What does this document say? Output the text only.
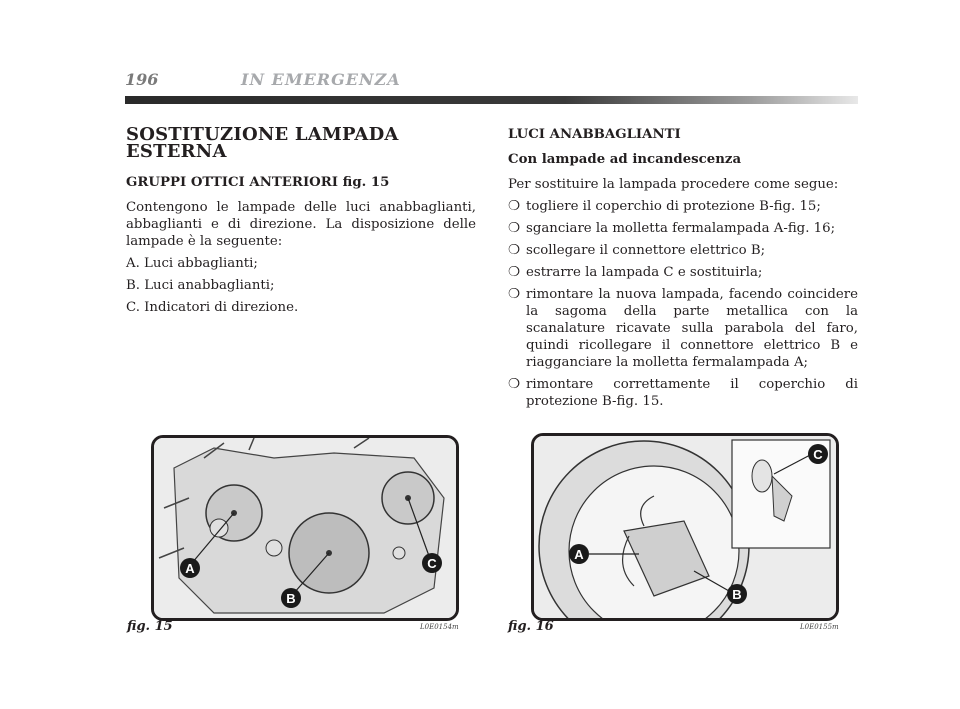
196	IN EMERGENZA
SOSTITUZIONE LAMPADA ESTERNA
GRUPPI OTTICI ANTERIORI fig. 15

Contengono le lampade delle luci anabbaglianti, abbaglianti e di direzione. La disposizione delle lampade è la seguente:

A. Luci abbaglianti;
B. Luci anabbaglianti;
C. Indicatori di direzione.
LUCI ANABBAGLIANTI
Con lampade ad incandescenza

Per sostituire la lampada procedere come segue:

❍ togliere il coperchio di protezione B-fig. 15;
❍ sganciare la molletta fermalampada A-fig. 16;
❍ scollegare il connettore elettrico B;
❍ estrarre la lampada C e sostituirla;
❍ rimontare la nuova lampada, facendo coincidere la sagoma della parte metallica con la scanalature ricavate sulla parabola del faro, quindi ricollegare il connettore elettrico B e riagganciare la molletta fermalampada A;
❍ rimontare correttamente il coperchio di protezione B-fig. 15.
A
B
C
fig. 15	L0E0154m
A
B
C
fig. 16	L0E0155m
